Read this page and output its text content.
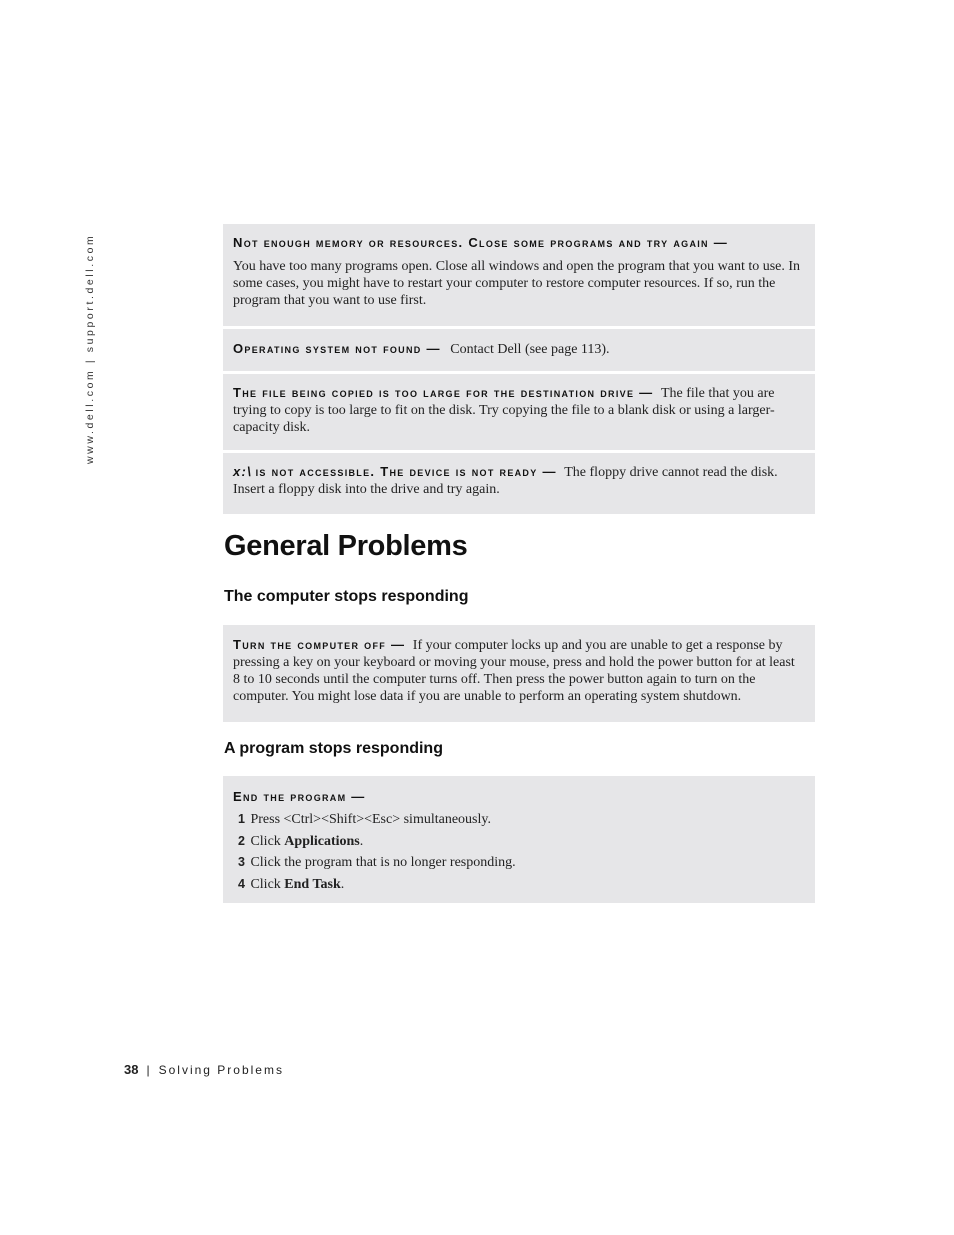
www.dell.com | support.dell.com	Not enough memory or resources. Close some programs and try again —
You have too many programs open. Close all windows and open the program that you want to use. In some cases, you might have to restart your computer to restore computer resources. If so, run the program that you want to use first.
Operating system not found — Contact Dell (see page 113).
The file being copied is too large for the destination drive — The file that you are trying to copy is too large to fit on the disk. Try copying the file to a blank disk or using a larger-capacity disk.
x:\ is not accessible. The device is not ready — The floppy drive cannot read the disk. Insert a floppy disk into the drive and try again.
General Problems
The computer stops responding
Turn the computer off — If your computer locks up and you are unable to get a response by pressing a key on your keyboard or moving your mouse, press and hold the power button for at least 8 to 10 seconds until the computer turns off. Then press the power button again to turn on the computer. You might lose data if you are unable to perform an operating system shutdown.
A program stops responding
End the program —
1 Press <Ctrl><Shift><Esc> simultaneously.
2 Click Applications.
3 Click the program that is no longer responding.
4 Click End Task.
38 | Solving Problems
